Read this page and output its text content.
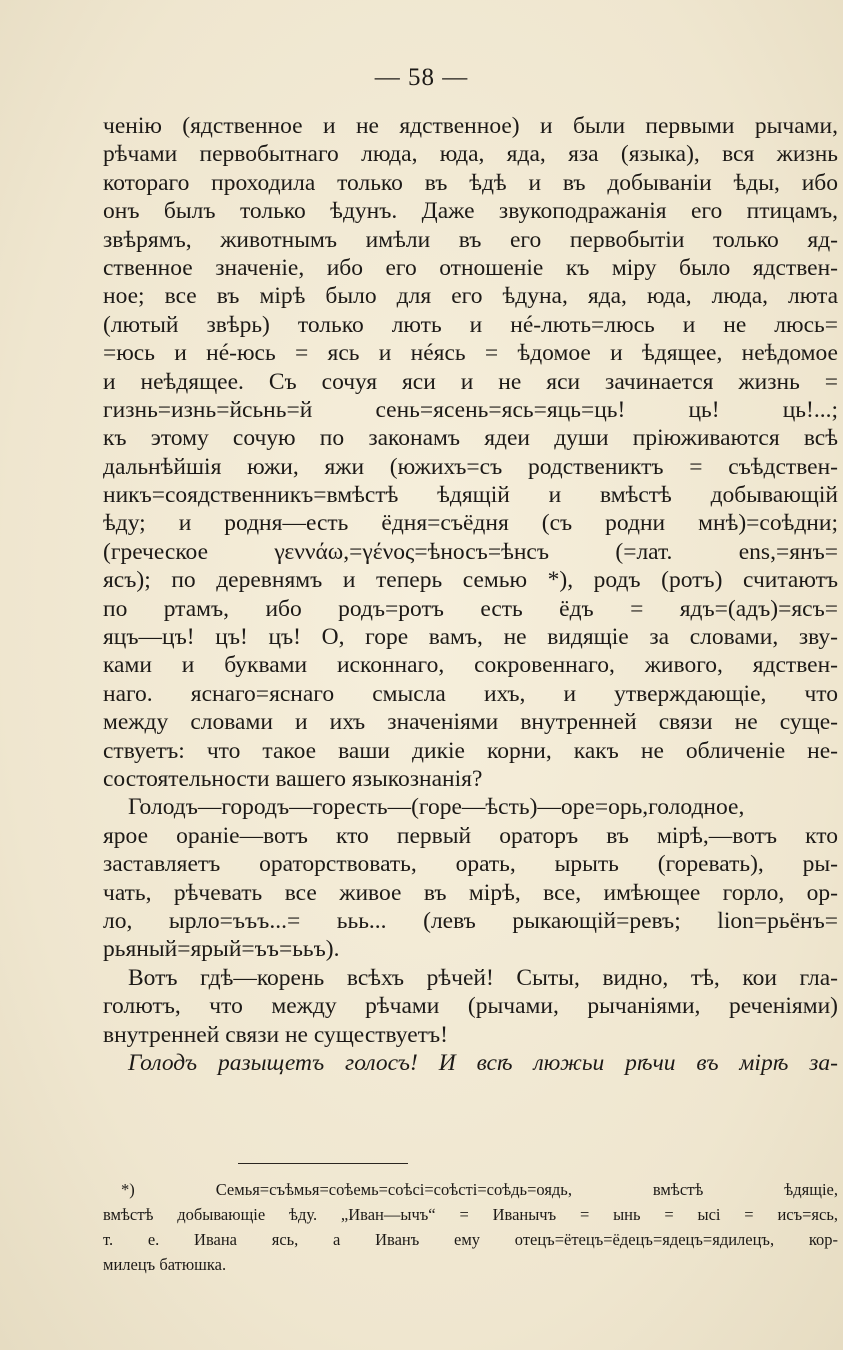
— 58 —
ченію (ядственное и не ядственное) и были первыми рычами,
рѣчами первобытнаго люда, юда, яда, яза (языка), вся жизнь
котораго проходила только въ ѣдѣ и въ добываніи ѣды, ибо
онъ былъ только ѣдунъ. Даже звукоподражанія его птицамъ,
звѣрямъ, животнымъ имѣли въ его первобытіи только яд-
ственное значеніе, ибо его отношеніе къ міру было ядствен-
ное; все въ мірѣ было для его ѣдуна, яда, юда, люда, люта
(лютый звѣрь) только лють и нé-лють=люсь и не люсь=
=юсь и нé-юсь = ясь и нéясь = ѣдомое и ѣдящее, неѣдомое
и неѣдящее. Съ сочуя яси и не яси зачинается жизнь =
гизнь=изнь=йсьнь=й сень=ясень=ясь=яць=ць! ць! ць!...;
къ этому сочую по законамъ ядеи души пріюживаются всѣ
дальнѣйшія южи, яжи (южихъ=съ родствениктъ = съѣдствен-
никъ=сoядственникъ=вмѣстѣ ѣдящій и вмѣстѣ добывающій
ѣду; и родня—есть ёдня=съёдня (съ родни мнѣ)=соѣдни;
(греческое γεννάω,=γένος=ѣносъ=ѣнсъ (=лат. ens,=янъ=
ясъ); по деревнямъ и теперь семью *), родъ (ротъ) считаютъ
по ртамъ, ибо родъ=ротъ есть ёдъ = ядъ=(адъ)=ясъ=
яцъ—цъ! цъ! цъ! О, горе вамъ, не видящіе за словами, зву-
ками и буквами исконнаго, сокровеннаго, живого, ядствен-
наго. яснаго=яснаго смысла ихъ, и утверждающіе, что
между словами и ихъ значеніями внутренней связи не суще-
ствуетъ: что такое ваши дикіе корни, какъ не обличеніе не-
состоятельности вашего языкознанія?
Голодъ—городъ—горесть—(горе—ѣсть)—оре=орь,голодное,
ярое ораніе—вотъ кто первый ораторъ въ мірѣ,—вотъ кто
заставляетъ ораторствовать, орать, ырыть (горевать), ры-
чать, рѣчевать все живое въ мірѣ, все, имѣющее горло, ор-
ло, ырло=ъъъ...= ььь... (левъ рыкающій=ревъ; lion=рьёнъ=
рьяный=ярый=ъъ=ььъ).
Вотъ гдѣ—корень всѣхъ рѣчей! Сыты, видно, тѣ, кои гла-
голютъ, что между рѣчами (рычами, рычаніями, реченіями)
внутренней связи не существуетъ!
Голодъ разыщетъ голосъ! И всѣ люжьи рѣчи въ мірѣ за-
*) Семья=съѣмья=соѣемь=соѣсi=соѣстi=соѣдь=оядь, вмѣстѣ ѣдящіе,
вмѣстѣ добывающіе ѣду. „Иван—ычъ“ = Иванычъ = ынь = ысi = исъ=ясь,
т. е. Ивана ясь, а Иванъ ему отецъ=ётецъ=ёдецъ=ядецъ=ядилецъ, кор-
милецъ батюшка.
